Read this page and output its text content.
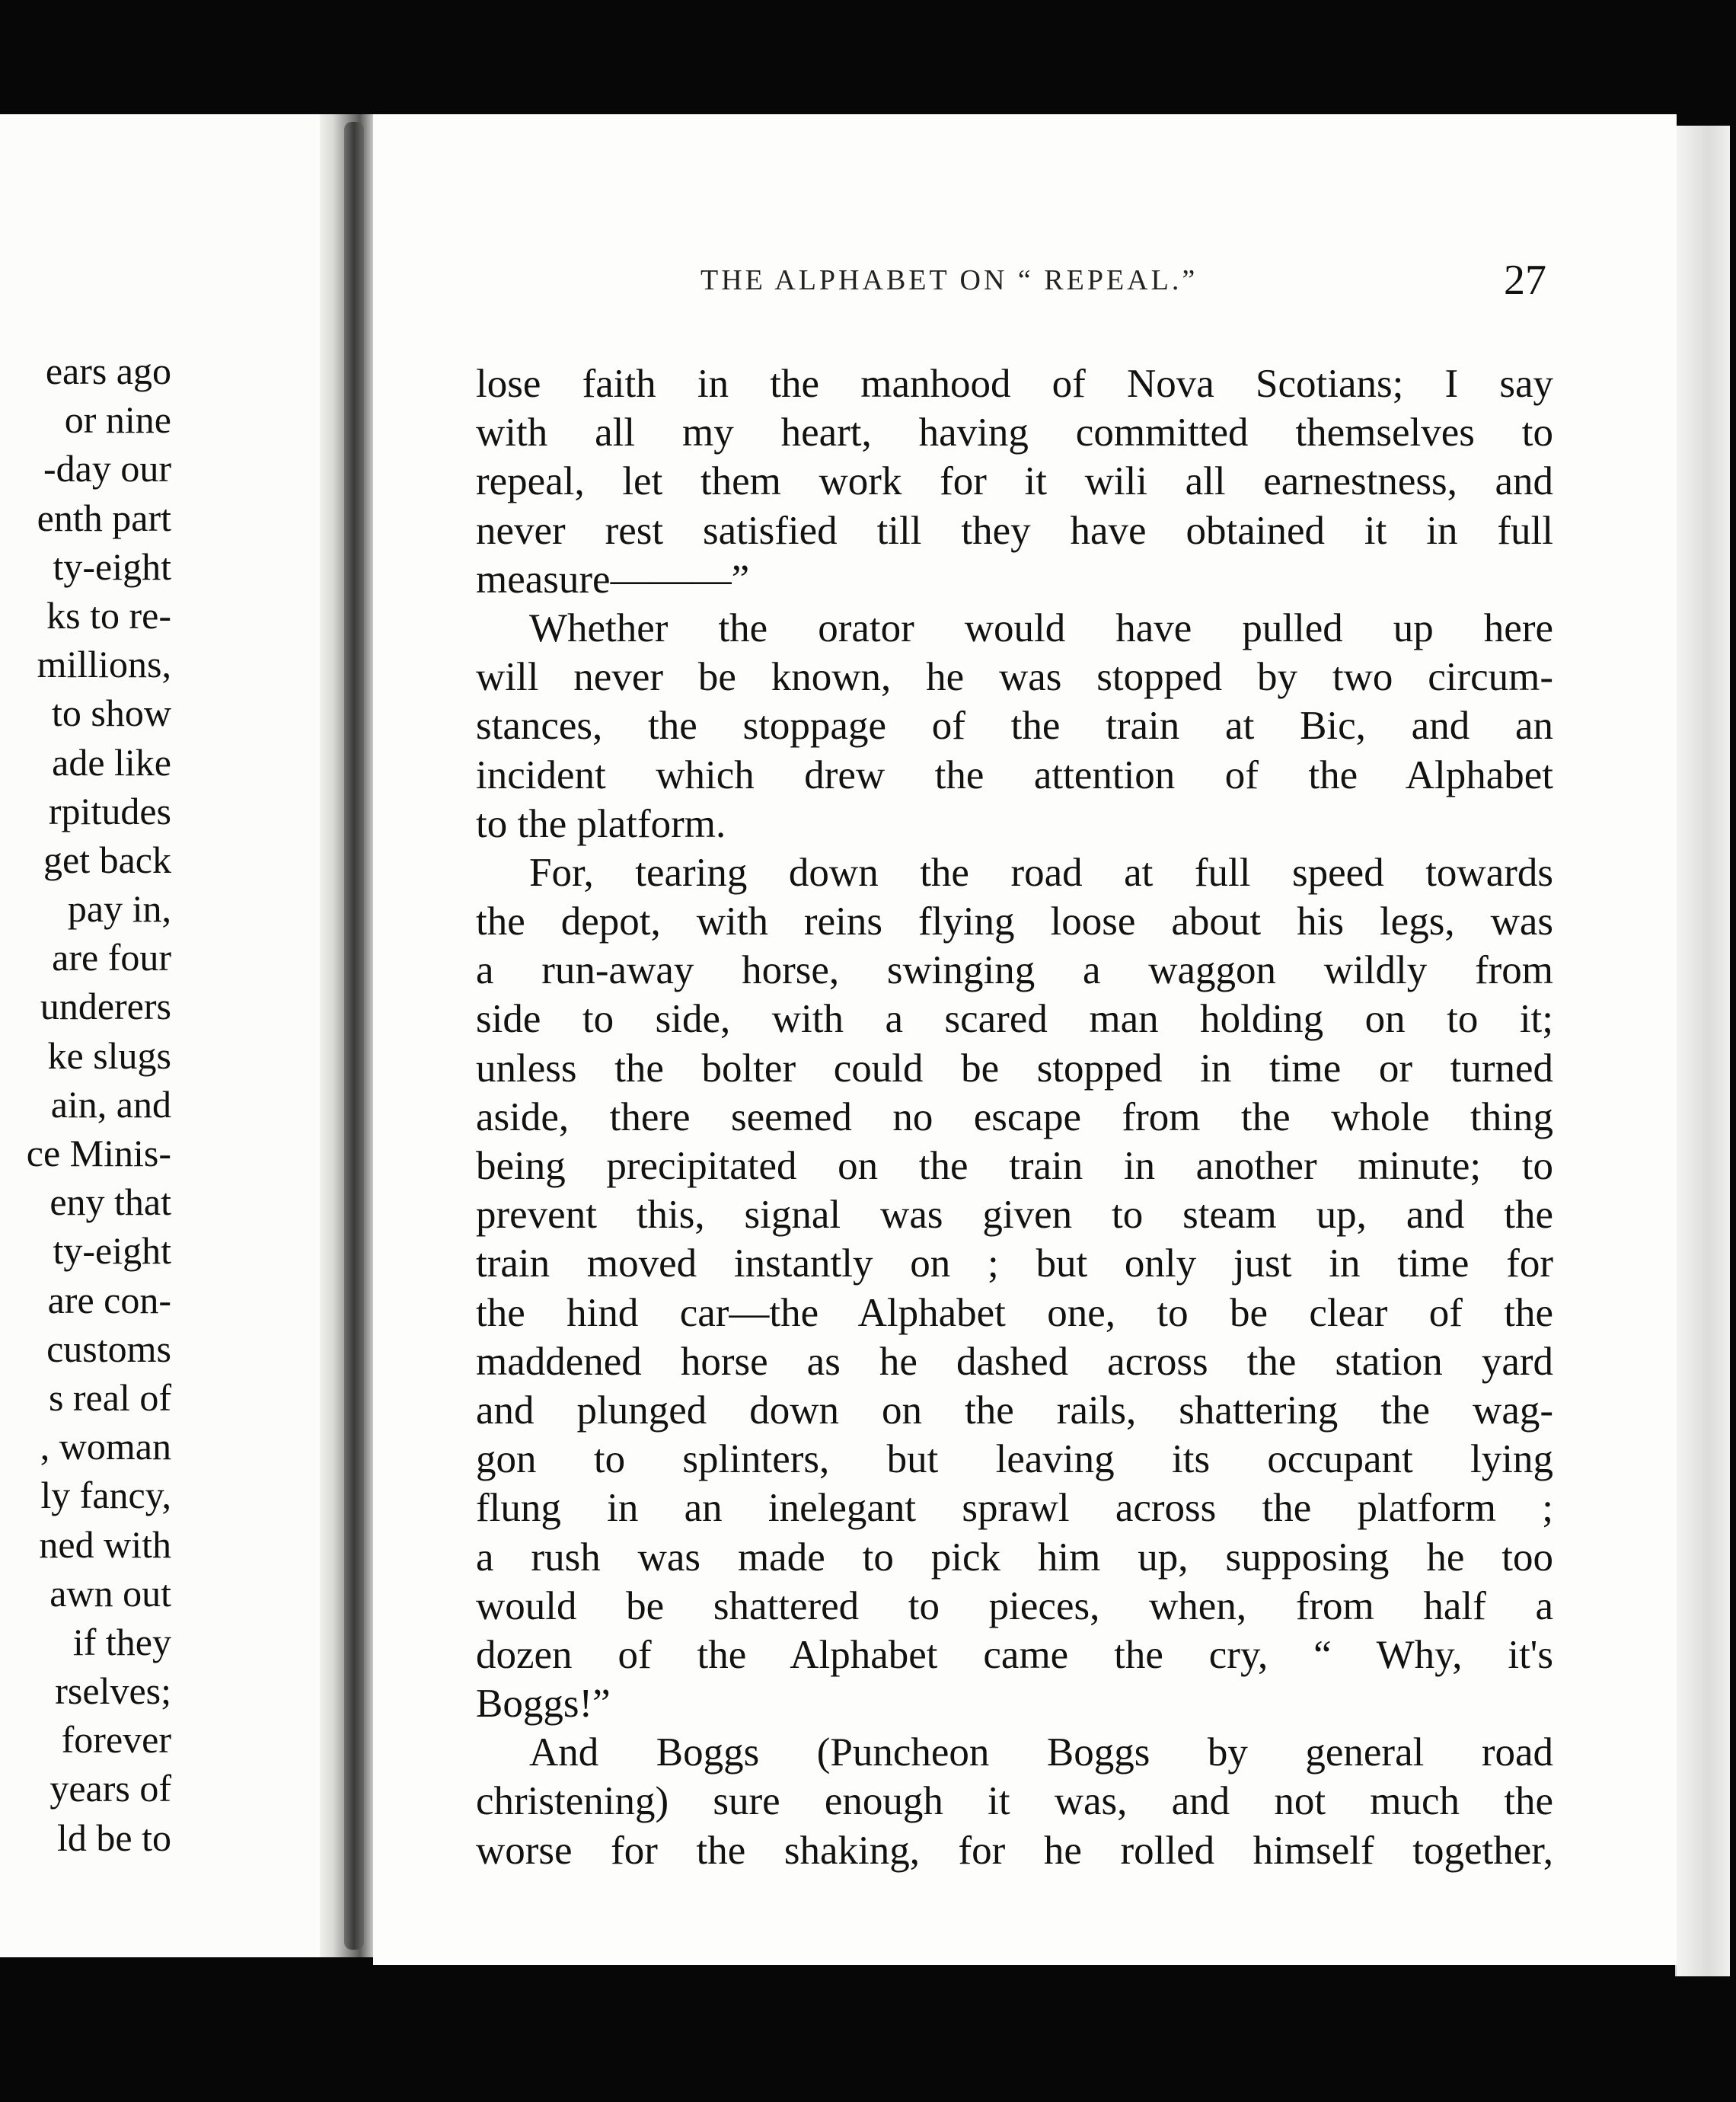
ears ago
or nine
-day our
enth part
ty-eight
ks to re-
millions,
to show
ade like
rpitudes
get back
pay in,
are four
underers
ke slugs
ain, and
ce Minis-
eny that
ty-eight
are con-
customs
s real of
, woman
ly fancy,
ned with
awn out
if they
rselves;
forever
years of
ld be to
THE ALPHABET ON “ REPEAL.”	27
lose faith in the manhood of Nova Scotians; I say
with all my heart, having committed themselves to
repeal, let them work for it wili all earnestness, and
never rest satisfied till they have obtained it in full
measure———”
Whether the orator would have pulled up here
will never be known, he was stopped by two circum-
stances, the stoppage of the train at Bic, and an
incident which drew the attention of the Alphabet
to the platform.
For, tearing down the road at full speed towards
the depot, with reins flying loose about his legs, was
a run-away horse, swinging a waggon wildly from
side to side, with a scared man holding on to it;
unless the bolter could be stopped in time or turned
aside, there seemed no escape from the whole thing
being precipitated on the train in another minute; to
prevent this, signal was given to steam up, and the
train moved instantly on ; but only just in time for
the hind car—the Alphabet one, to be clear of the
maddened horse as he dashed across the station yard
and plunged down on the rails, shattering the wag-
gon to splinters, but leaving its occupant lying
flung in an inelegant sprawl across the platform ;
a rush was made to pick him up, supposing he too
would be shattered to pieces, when, from half a
dozen of the Alphabet came the cry, “ Why, it's
Boggs!”
And Boggs (Puncheon Boggs by general road
christening) sure enough it was, and not much the
worse for the shaking, for he rolled himself together,
